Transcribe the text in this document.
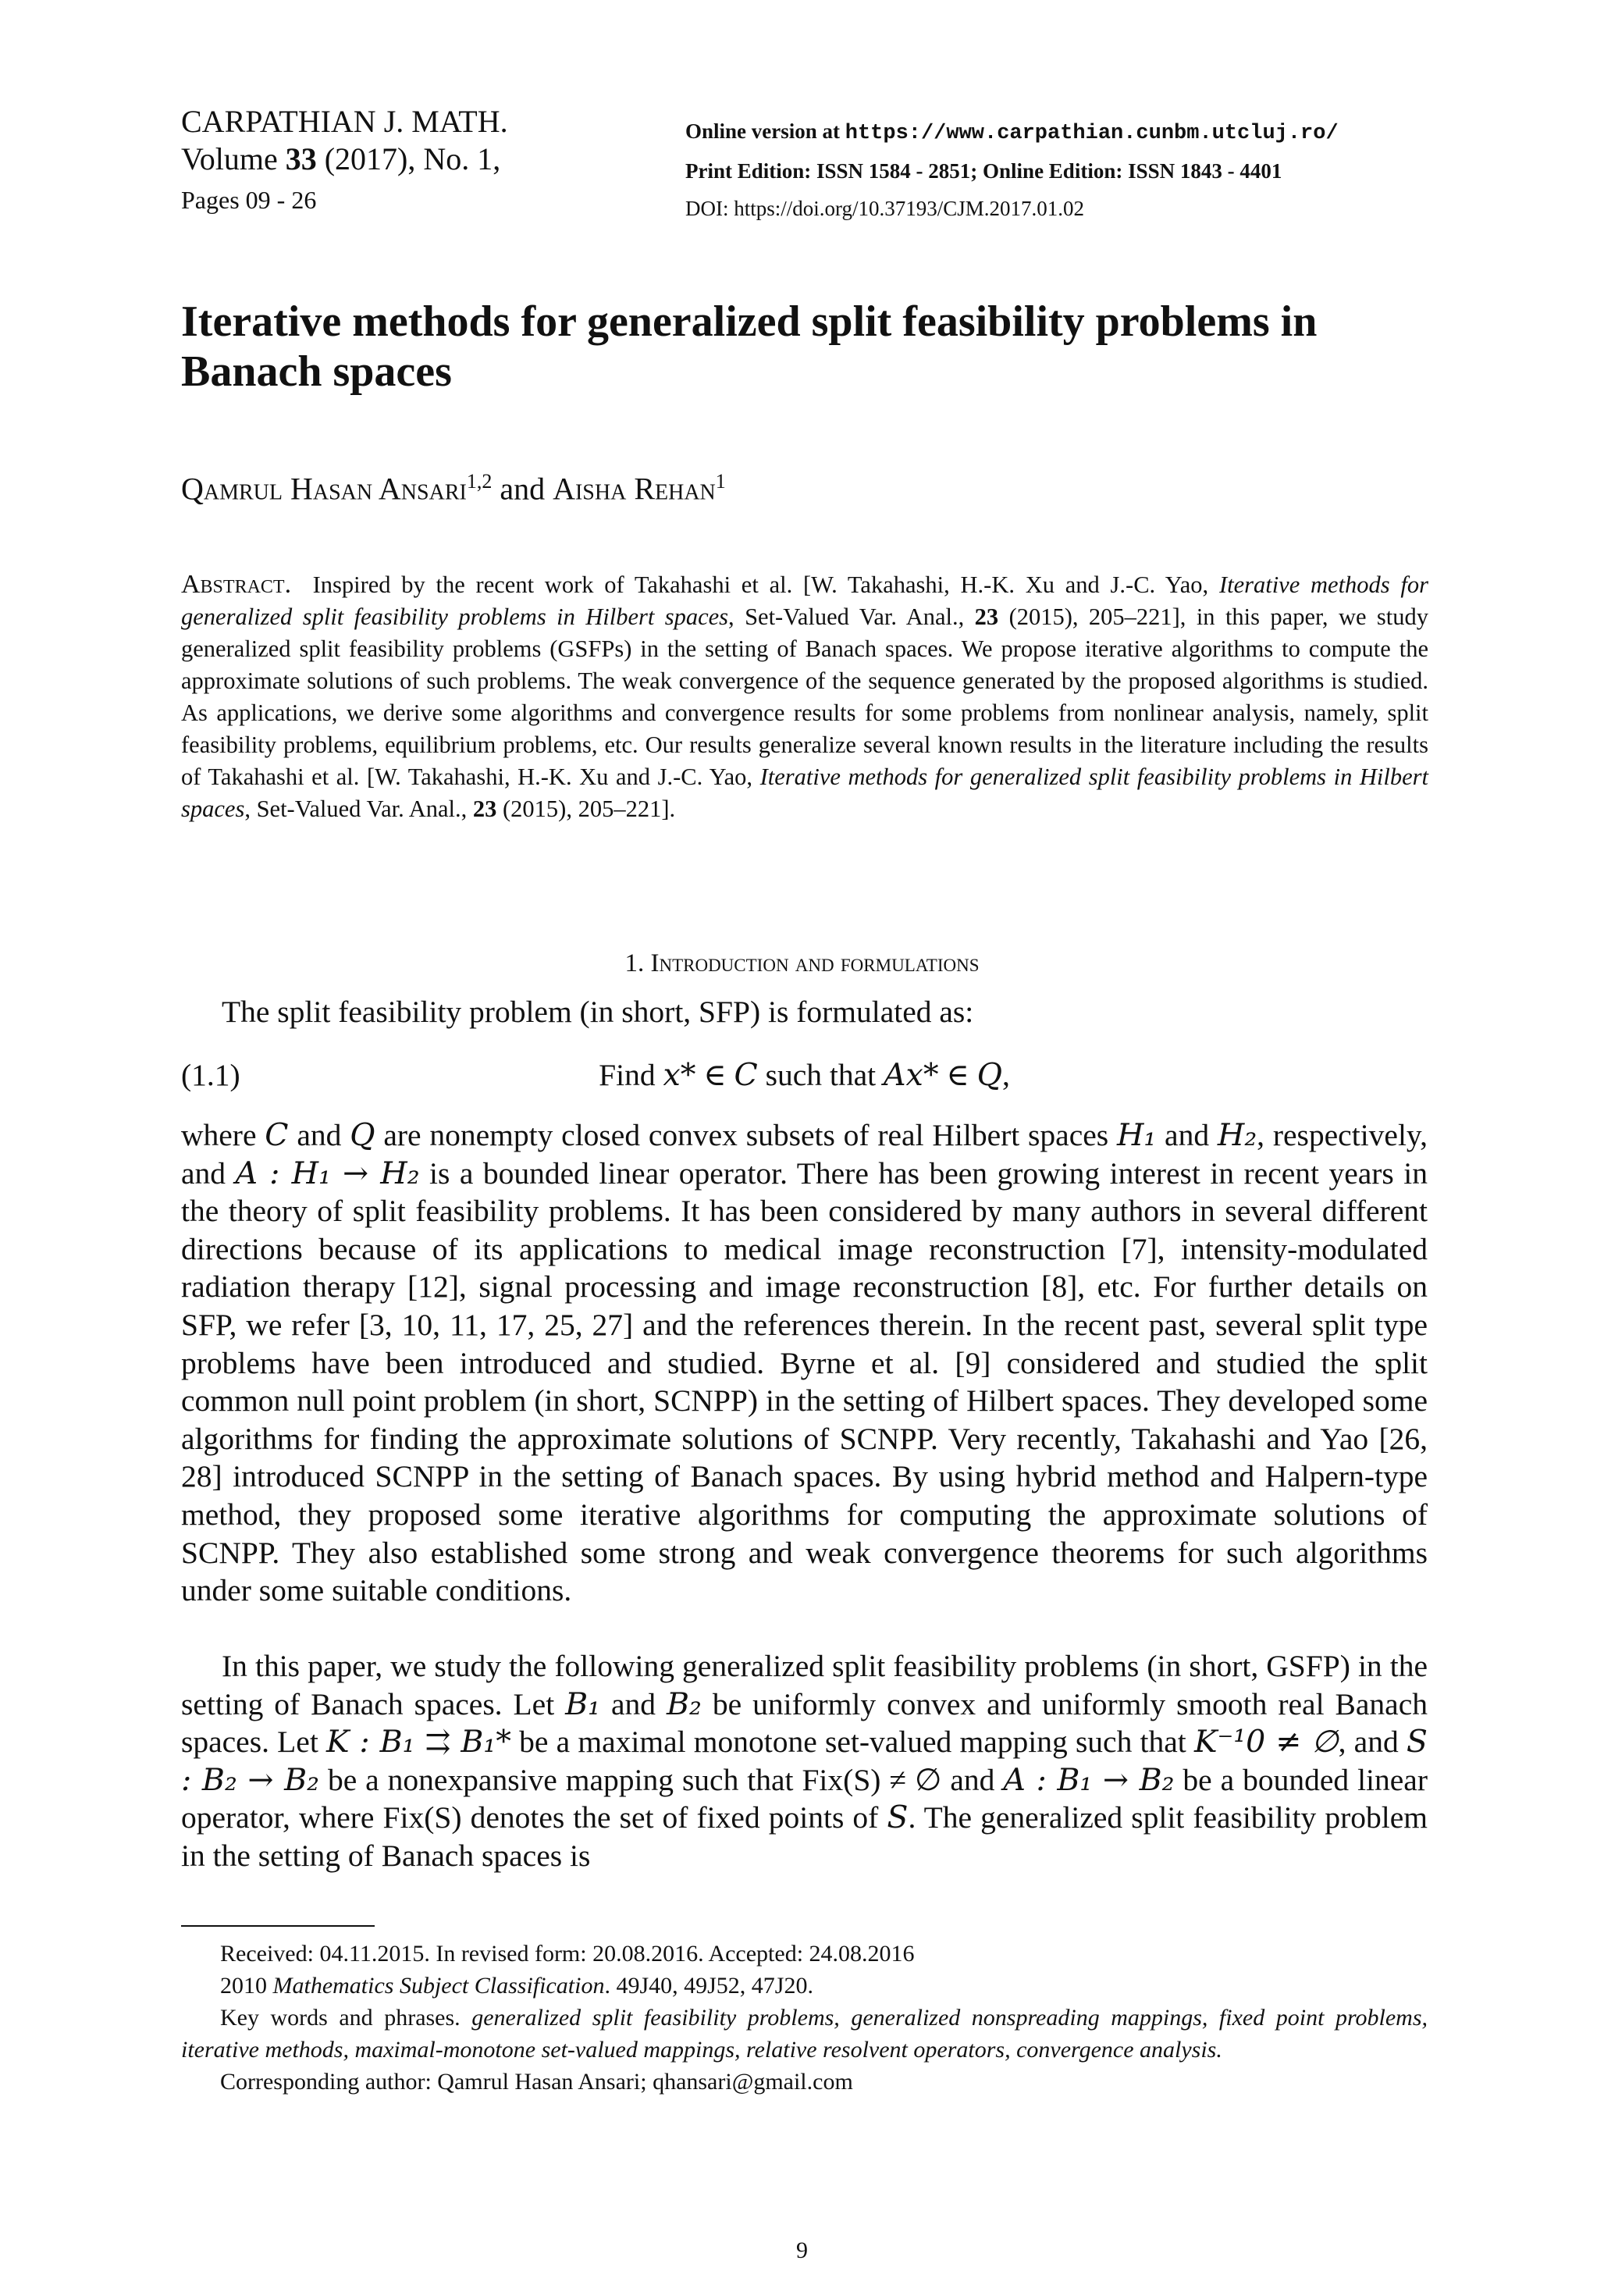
CARPATHIAN J. MATH.
Volume 33 (2017), No. 1,
Pages 09 - 26
Online version at https://www.carpathian.cunbm.utcluj.ro/
Print Edition: ISSN 1584 - 2851; Online Edition: ISSN 1843 - 4401
DOI: https://doi.org/10.37193/CJM.2017.01.02
Iterative methods for generalized split feasibility problems in Banach spaces
Qamrul Hasan Ansari$^{1,2}$ and Aisha Rehan$^1$
Abstract. Inspired by the recent work of Takahashi et al. [W. Takahashi, H.-K. Xu and J.-C. Yao, Iterative methods for generalized split feasibility problems in Hilbert spaces, Set-Valued Var. Anal., 23 (2015), 205–221], in this paper, we study generalized split feasibility problems (GSFPs) in the setting of Banach spaces. We propose iterative algorithms to compute the approximate solutions of such problems. The weak convergence of the sequence generated by the proposed algorithms is studied. As applications, we derive some algorithms and convergence results for some problems from nonlinear analysis, namely, split feasibility problems, equilibrium problems, etc. Our results generalize several known results in the literature including the results of Takahashi et al. [W. Takahashi, H.-K. Xu and J.-C. Yao, Iterative methods for generalized split feasibility problems in Hilbert spaces, Set-Valued Var. Anal., 23 (2015), 205–221].
1. Introduction and formulations
The split feasibility problem (in short, SFP) is formulated as:
(1.1)	Find x* ∈ C such that Ax* ∈ Q,
where C and Q are nonempty closed convex subsets of real Hilbert spaces H₁ and H₂, respectively, and A : H₁ → H₂ is a bounded linear operator. There has been growing interest in recent years in the theory of split feasibility problems. It has been considered by many authors in several different directions because of its applications to medical image reconstruction [7], intensity-modulated radiation therapy [12], signal processing and image reconstruction [8], etc. For further details on SFP, we refer [3, 10, 11, 17, 25, 27] and the references therein. In the recent past, several split type problems have been introduced and studied. Byrne et al. [9] considered and studied the split common null point problem (in short, SCNPP) in the setting of Hilbert spaces. They developed some algorithms for finding the approximate solutions of SCNPP. Very recently, Takahashi and Yao [26, 28] introduced SCNPP in the setting of Banach spaces. By using hybrid method and Halpern-type method, they proposed some iterative algorithms for computing the approximate solutions of SCNPP. They also established some strong and weak convergence theorems for such algorithms under some suitable conditions.
In this paper, we study the following generalized split feasibility problems (in short, GSFP) in the setting of Banach spaces. Let B₁ and B₂ be uniformly convex and uniformly smooth real Banach spaces. Let K : B₁ ⇉ B₁* be a maximal monotone set-valued mapping such that K⁻¹0 ≠ ∅, and S : B₂ → B₂ be a nonexpansive mapping such that Fix(S) ≠ ∅ and A : B₁ → B₂ be a bounded linear operator, where Fix(S) denotes the set of fixed points of S. The generalized split feasibility problem in the setting of Banach spaces is

Received: 04.11.2015. In revised form: 20.08.2016. Accepted: 24.08.2016

2010 Mathematics Subject Classification. 49J40, 49J52, 47J20.

Key words and phrases. generalized split feasibility problems, generalized nonspreading mappings, fixed point problems, iterative methods, maximal-monotone set-valued mappings, relative resolvent operators, convergence analysis.

Corresponding author: Qamrul Hasan Ansari; qhansari@gmail.com

9
